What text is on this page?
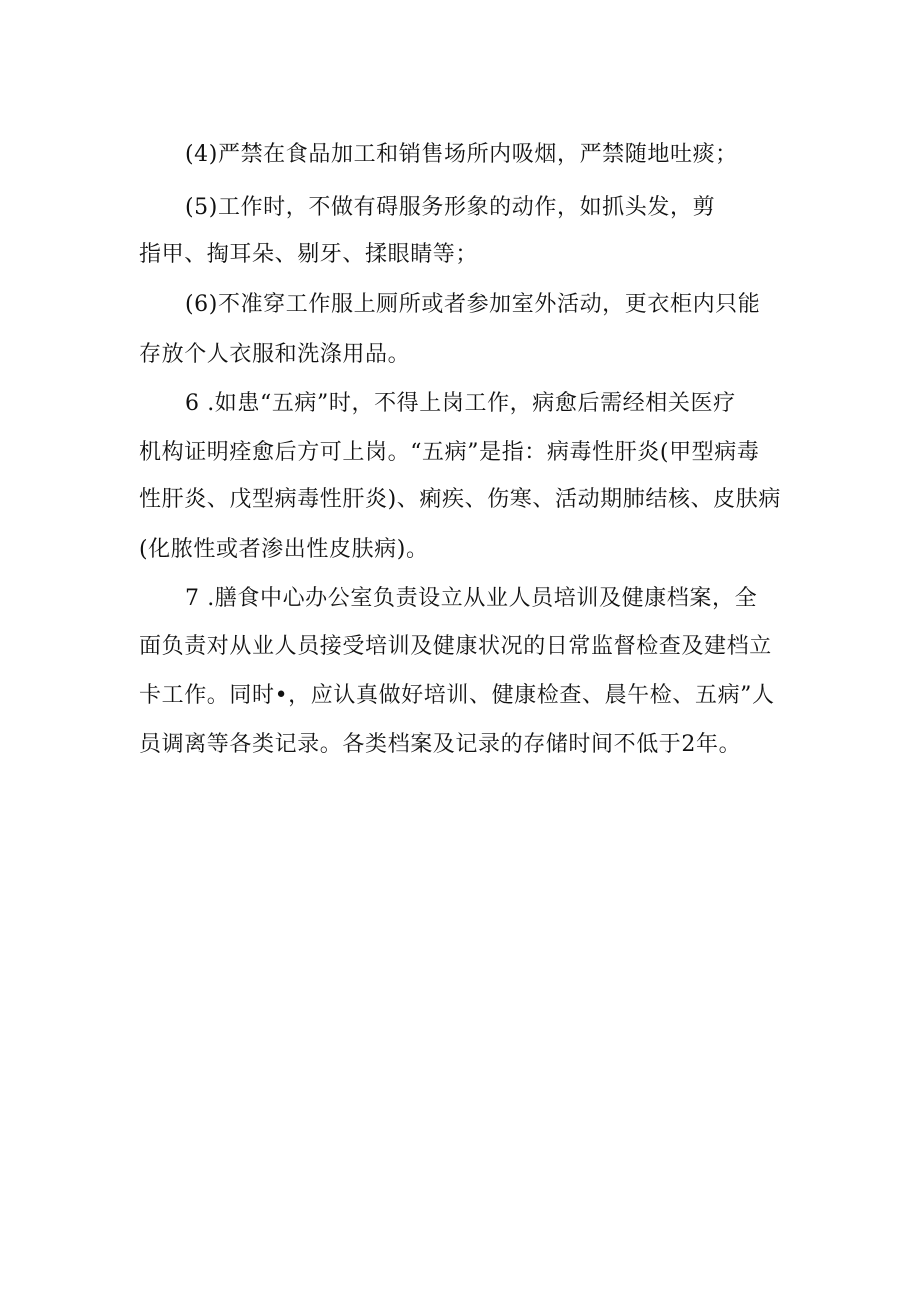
(4)严禁在食品加工和销售场所内吸烟，严禁随地吐痰；
(5)工作时，不做有碍服务形象的动作，如抓头发，剪
指甲、掏耳朵、剔牙、揉眼睛等；
(6)不准穿工作服上厕所或者参加室外活动，更衣柜内只能
存放个人衣服和洗涤用品。
6 .如患“五病”时，不得上岗工作，病愈后需经相关医疗
机构证明痊愈后方可上岗。“五病”是指：病毒性肝炎(甲型病毒
性肝炎、戊型病毒性肝炎)、痢疾、伤寒、活动期肺结核、皮肤病
(化脓性或者渗出性皮肤病)。
7 .膳食中心办公室负责设立从业人员培训及健康档案，全
面负责对从业人员接受培训及健康状况的日常监督检查及建档立
卡工作。同时•，应认真做好培训、健康检查、晨午检、五病”人
员调离等各类记录。各类档案及记录的存储时间不低于2年。
